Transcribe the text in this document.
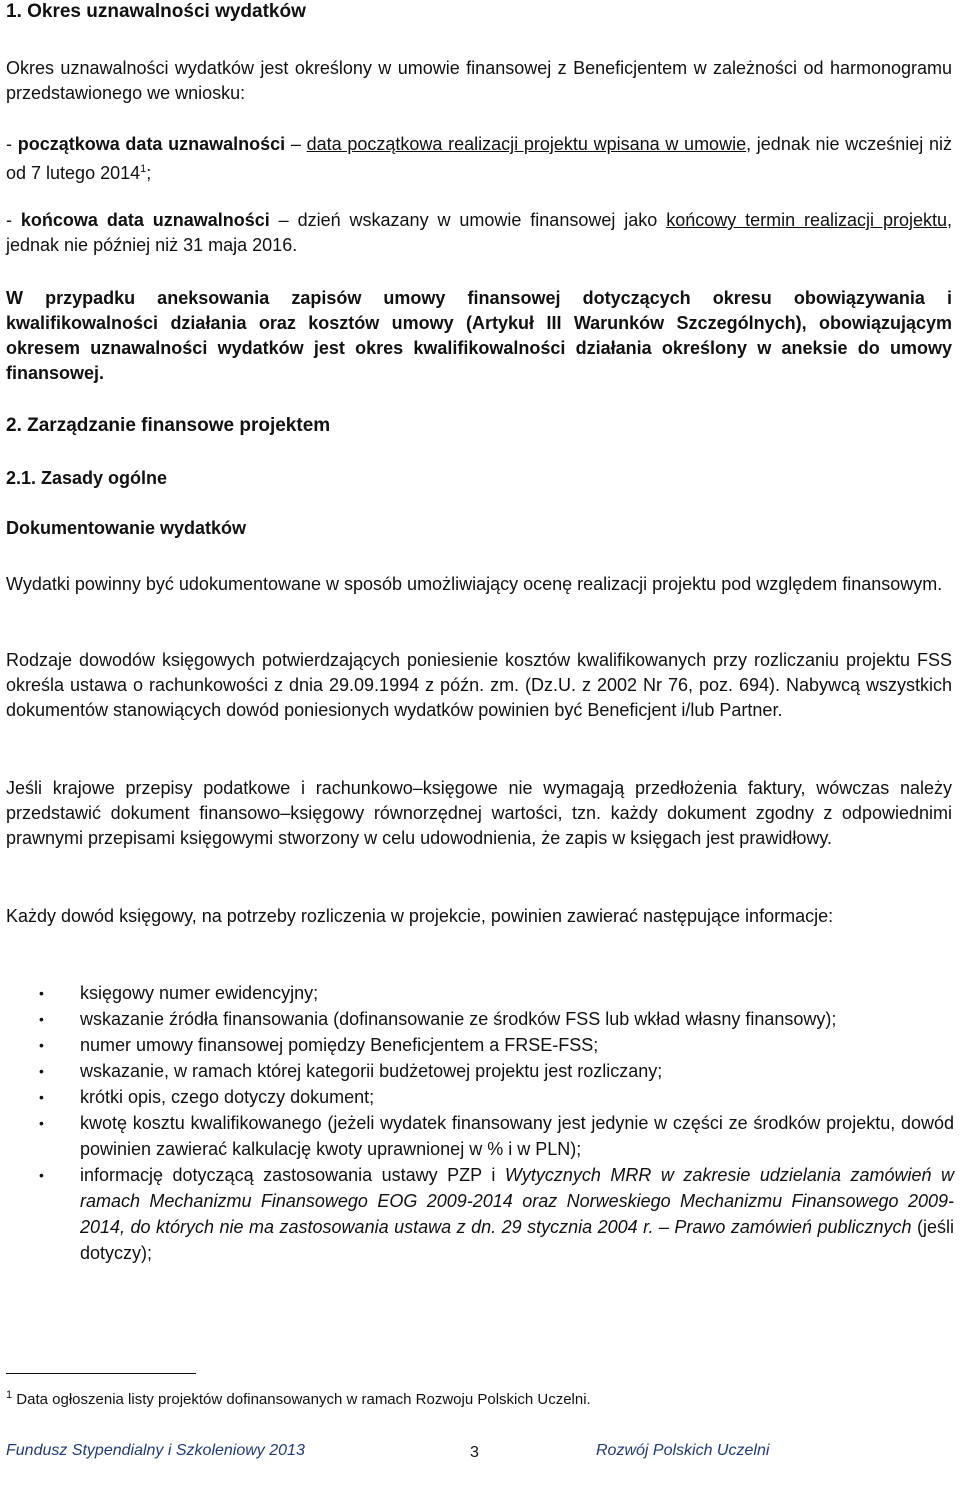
1. Okres uznawalności wydatków
Okres uznawalności wydatków jest określony w umowie finansowej z Beneficjentem w zależności od harmonogramu przedstawionego we wniosku:
- początkowa data uznawalności – data początkowa realizacji projektu wpisana w umowie, jednak nie wcześniej niż od 7 lutego 2014$^1$;
- końcowa data uznawalności – dzień wskazany w umowie finansowej jako końcowy termin realizacji projektu, jednak nie później niż 31 maja 2016.
W przypadku aneksowania zapisów umowy finansowej dotyczących okresu obowiązywania i kwalifikowalności działania oraz kosztów umowy (Artykuł III Warunków Szczególnych), obowiązującym okresem uznawalności wydatków jest okres kwalifikowalności działania określony w aneksie do umowy finansowej.
2. Zarządzanie finansowe projektem
2.1. Zasady ogólne
Dokumentowanie wydatków
Wydatki powinny być udokumentowane w sposób umożliwiający ocenę realizacji projektu pod względem finansowym.
Rodzaje dowodów księgowych potwierdzających poniesienie kosztów kwalifikowanych przy rozliczaniu projektu FSS określa ustawa o rachunkowości z dnia 29.09.1994 z późn. zm. (Dz.U. z 2002 Nr 76, poz. 694). Nabywcą wszystkich dokumentów stanowiących dowód poniesionych wydatków powinien być Beneficjent i/lub Partner.
Jeśli krajowe przepisy podatkowe i rachunkowo–księgowe nie wymagają przedłożenia faktury, wówczas należy przedstawić dokument finansowo–księgowy równorzędnej wartości, tzn. każdy dokument zgodny z odpowiednimi prawnymi przepisami księgowymi stworzony w celu udowodnienia, że zapis w księgach jest prawidłowy.
Każdy dowód księgowy, na potrzeby rozliczenia w projekcie, powinien zawierać następujące informacje:
• księgowy numer ewidencyjny;
• wskazanie źródła finansowania (dofinansowanie ze środków FSS lub wkład własny finansowy);
• numer umowy finansowej pomiędzy Beneficjentem a FRSE-FSS;
• wskazanie, w ramach której kategorii budżetowej projektu jest rozliczany;
• krótki opis, czego dotyczy dokument;
• kwotę kosztu kwalifikowanego (jeżeli wydatek finansowany jest jedynie w części ze środków projektu, dowód powinien zawierać kalkulację kwoty uprawnionej w % i w PLN);
• informację dotyczącą zastosowania ustawy PZP i Wytycznych MRR w zakresie udzielania zamówień w ramach Mechanizmu Finansowego EOG 2009-2014 oraz Norweskiego Mechanizmu Finansowego 2009-2014, do których nie ma zastosowania ustawa z dn. 29 stycznia 2004 r. – Prawo zamówień publicznych (jeśli dotyczy);
$^1$ Data ogłoszenia listy projektów dofinansowanych w ramach Rozwoju Polskich Uczelni.
Fundusz Stypendialny i Szkoleniowy 2013	3	Rozwój Polskich Uczelni
